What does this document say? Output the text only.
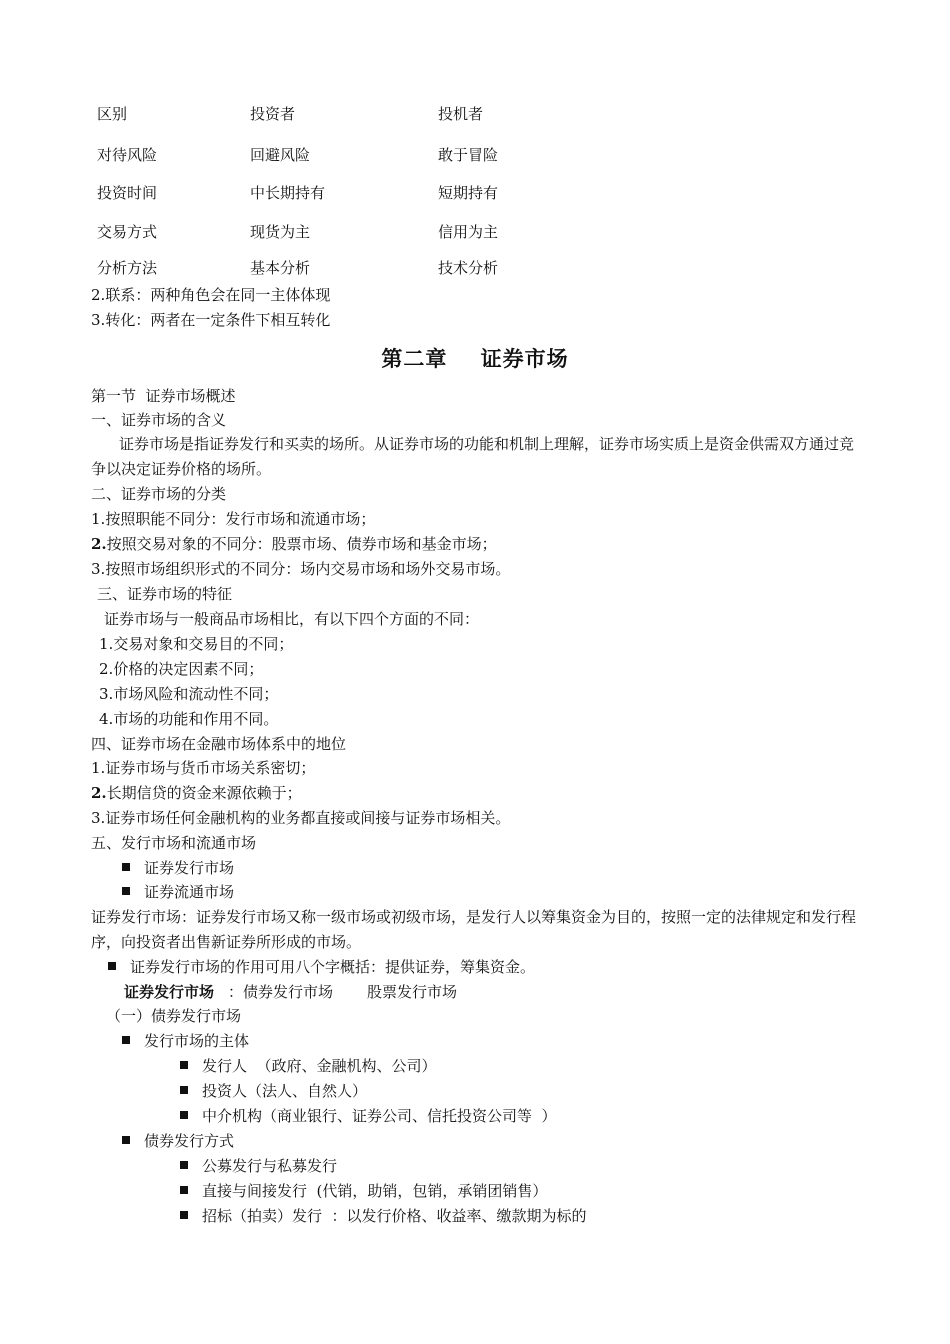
区别	投资者	投机者
对待风险	回避风险	敢于冒险
投资时间	中长期持有	短期持有
交易方式	现货为主	信用为主
分析方法	基本分析	技术分析
2.联系：两种角色会在同一主体体现
3.转化：两者在一定条件下相互转化
第二章    证券市场
第一节  证券市场概述
一、证券市场的含义
证券市场是指证券发行和买卖的场所。从证券市场的功能和机制上理解，证券市场实质上是资金供需双方通过竞争以决定证券价格的场所。
二、证券市场的分类
1.按照职能不同分：发行市场和流通市场；
2.按照交易对象的不同分：股票市场、债券市场和基金市场；
3.按照市场组织形式的不同分：场内交易市场和场外交易市场。
三、证券市场的特征
证券市场与一般商品市场相比，有以下四个方面的不同：
1.交易对象和交易目的不同；
2.价格的决定因素不同；
3.市场风险和流动性不同；
4.市场的功能和作用不同。
四、证券市场在金融市场体系中的地位
1.证券市场与货币市场关系密切；
2.长期信贷的资金来源依赖于；
3.证券市场任何金融机构的业务都直接或间接与证券市场相关。
五、发行市场和流通市场
证券发行市场
证券流通市场
证券发行市场：证券发行市场又称一级市场或初级市场，是发行人以筹集资金为目的，按照一定的法律规定和发行程序，向投资者出售新证券所形成的市场。
证券发行市场的作用可用八个字概括：提供证券，筹集资金。
证券发行市场 ：债券发行市场 股票发行市场
（一）债券发行市场
发行市场的主体
发行人  （政府、金融机构、公司）
投资人（法人、自然人）
中介机构（商业银行、证券公司、信托投资公司等  ）
债券发行方式
公募发行与私募发行
直接与间接发行  (代销，助销，包销，承销团销售）
招标（拍卖）发行  ：以发行价格、收益率、缴款期为标的
